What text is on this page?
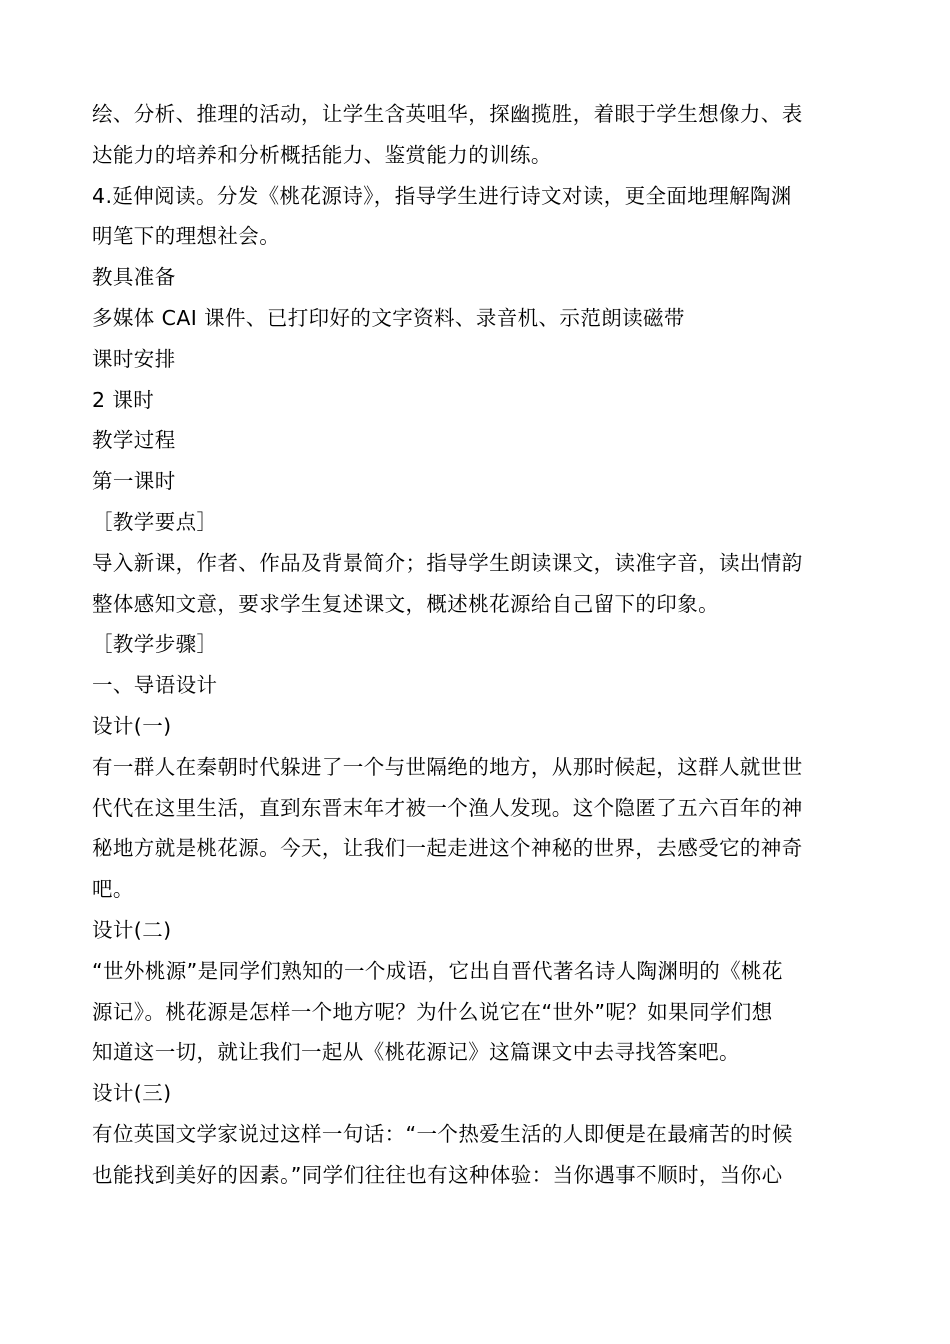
绘、分析、推理的活动，让学生含英咀华，探幽揽胜，着眼于学生想像力、表
达能力的培养和分析概括能力、鉴赏能力的训练。
4.延伸阅读。分发《桃花源诗》，指导学生进行诗文对读，更全面地理解陶渊
明笔下的理想社会。
教具准备
多媒体 CAI 课件、已打印好的文字资料、录音机、示范朗读磁带
课时安排
2 课时
教学过程
第一课时
［教学要点］
导入新课，作者、作品及背景简介；指导学生朗读课文，读准字音，读出情韵
整体感知文意，要求学生复述课文，概述桃花源给自己留下的印象。
［教学步骤］
一、导语设计
设计(一)
有一群人在秦朝时代躲进了一个与世隔绝的地方，从那时候起，这群人就世世
代代在这里生活，直到东晋末年才被一个渔人发现。这个隐匿了五六百年的神
秘地方就是桃花源。今天，让我们一起走进这个神秘的世界，去感受它的神奇
吧。
设计(二)
“世外桃源”是同学们熟知的一个成语，它出自晋代著名诗人陶渊明的《桃花
源记》。桃花源是怎样一个地方呢？为什么说它在“世外”呢？如果同学们想
知道这一切，就让我们一起从《桃花源记》这篇课文中去寻找答案吧。
设计(三)
有位英国文学家说过这样一句话：“一个热爱生活的人即便是在最痛苦的时候
也能找到美好的因素。”同学们往往也有这种体验：当你遇事不顺时，当你心
